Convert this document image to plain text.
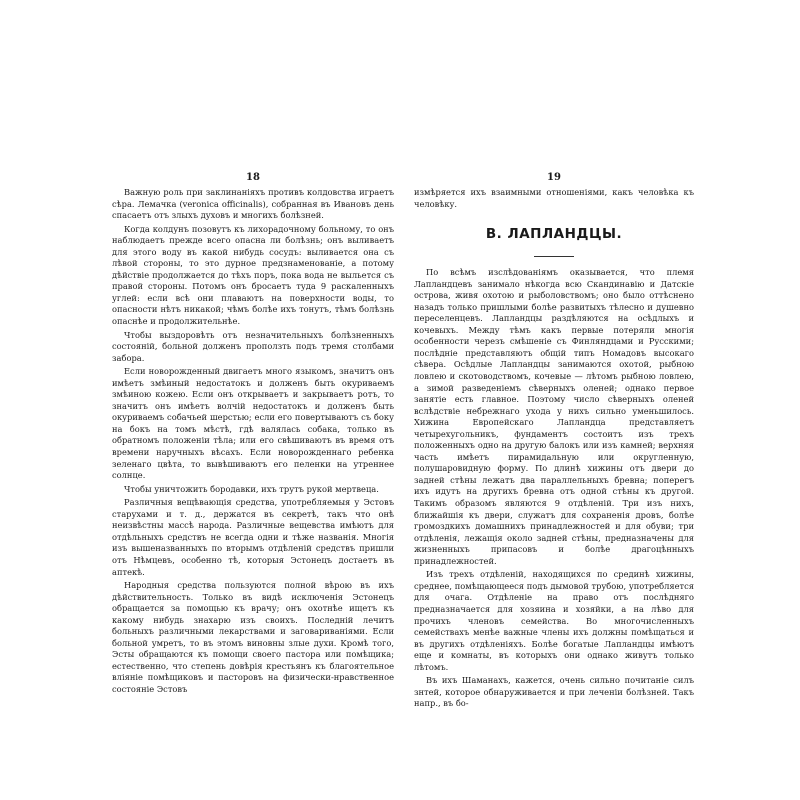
18

Важную роль при заклинаніяхъ противъ колдовства играетъ сѣра. Лемачка (veronica officinalis), собранная въ Ивановъ день спасаетъ отъ злыхъ духовъ и многихъ болѣзней.

Когда колдунъ позовутъ къ лихорадочному больному, то онъ наблюдаетъ прежде всего опасна ли болѣзнь; онъ выливаетъ для этого воду въ какой нибудь сосудъ: выливается она съ лѣвой стороны, то это дурное предзнаменованіе, а потому дѣйствіе продолжается до тѣхъ поръ, пока вода не выльется съ правой стороны. Потомъ онъ бросаетъ туда 9 раскаленныхъ углей: если всѣ они плаваютъ на поверхности воды, то опасности нѣтъ никакой; чѣмъ болѣе ихъ тонутъ, тѣмъ болѣзнь опаснѣе и продолжительнѣе.

Чтобы выздоровѣть отъ незначительныхъ болѣзненныхъ состояній, больной долженъ проползть подъ тремя столбами забора.

Если новорожденный двигаетъ много языкомъ, значитъ онъ имѣетъ змѣиный недостатокъ и долженъ быть окуриваемъ змѣиною кожею. Если онъ открываетъ и закрываетъ ротъ, то значитъ онъ имѣетъ волчій недостатокъ и долженъ быть окуриваемъ собачьей шерстью; если его повертываютъ съ боку на бокъ на томъ мѣстѣ, гдѣ валялась собака, только въ обратномъ положеніи тѣла; или его свѣшиваютъ въ время отъ времени наручныхъ вѣсахъ. Если новорожденнаго ребенка зеленаго цвѣта, то вывѣшиваютъ его пеленки на утреннее солнце.

Чтобы уничтожить бородавки, ихъ трутъ рукой мертвеца.

Различныя вещѣвающія средства, употребляемыя у Эстовъ старухами и т. д., держатся въ секретѣ, такъ что онѣ неизвѣстны массѣ народа. Различные вещевства имѣютъ для отдѣльныхъ средствъ не всегда одни и тѣже названія. Многія изъ вышеназванныхъ по вторымъ отдѣленій средствъ пришли отъ Нѣмцевъ, особенно тѣ, которыя Эстонецъ достаетъ въ аптекѣ.

Народныя средства пользуются полной вѣрою въ ихъ дѣйствительность. Только въ видѣ исключенія Эстонецъ обращается за помощью къ врачу; онъ охотнѣе ищетъ къ какому нибудь знахарю изъ своихъ. Последній лечитъ больныхъ различными лекарствами и заговариваніями. Если больной умретъ, то въ этомъ виновны злые духи. Кромѣ того, Эсты обращаются къ помощи своего пастора или помѣщика; естественно, что степень довѣрія крестьянъ къ благоятельное вліяніе помѣщиковъ и пасторовъ на физически-нравственное состояніе Эстовъ

19

измѣряется ихъ взаимными отношеніями, какъ человѣка къ человѣку.

В. ЛАПЛАНДЦЫ.

По всѣмъ изслѣдованіямъ оказывается, что племя Лапландцевъ занимало нѣкогда всю Скандинавію и Датскіе острова, живя охотою и рыболовствомъ; оно было оттѣснено назадъ только пришлыми болѣе развитыхъ тѣлесно и душевно переселенцевъ. Лапландцы раздѣляются на осѣдлыхъ и кочевыхъ. Между тѣмъ какъ первые потеряли многія особенности черезъ смѣшеніе съ Финляндцами и Русскими; послѣдніе представляютъ общій типъ Номадовъ высокаго сѣвера. Осѣдлые Лапландцы занимаются охотой, рыбною ловлею и скотоводствомъ, кочевые — лѣтомъ рыбною ловлею, а зимой разведеніемъ сѣверныхъ оленей; однако первое занятіе есть главное. Поэтому число сѣверныхъ оленей вслѣдствіе небрежнаго ухода у нихъ сильно уменьшилось. Хижина Европейскаго Лапландца представляетъ четырехугольникъ, фундаментъ состоитъ изъ трехъ положенныхъ одно на другую балокъ или изъ камней; верхняя часть имѣетъ пирамидальную или округленную, полушаровидную форму. По длинѣ хижины отъ двери до задней стѣны лежатъ два параллельныхъ бревна; поперегъ ихъ идутъ на другихъ бревна отъ одной стѣны къ другой. Такимъ образомъ являются 9 отдѣленій. Три изъ нихъ, ближайшія къ двери, служатъ для сохраненія дровъ, болѣе громоздкихъ домашнихъ принадлежностей и для обуви; три отдѣленія, лежащія около задней стѣны, предназначены для жизненныхъ припасовъ и болѣе драгоцѣнныхъ принадлежностей.

Изъ трехъ отдѣленій, находящихся по срединѣ хижины, среднее, помѣщающееся подъ дымовой трубою, употребляется для очага. Отдѣленіе на право отъ послѣдняго предназначается для хозяина и хозяйки, а на лѣво для прочихъ членовъ семейства. Во многочисленныхъ семействахъ менѣе важные члены ихъ должны помѣщаться и въ другихъ отдѣленіяхъ. Болѣе богатые Лапландцы имѣютъ еще и комнаты, въ которыхъ они однако живутъ только лѣтомъ.

Въ ихъ Шаманахъ, кажется, очень сильно почитаніе силъ знтей, которое обнаруживается и при леченіи болѣзней. Такъ напр., въ бо-
